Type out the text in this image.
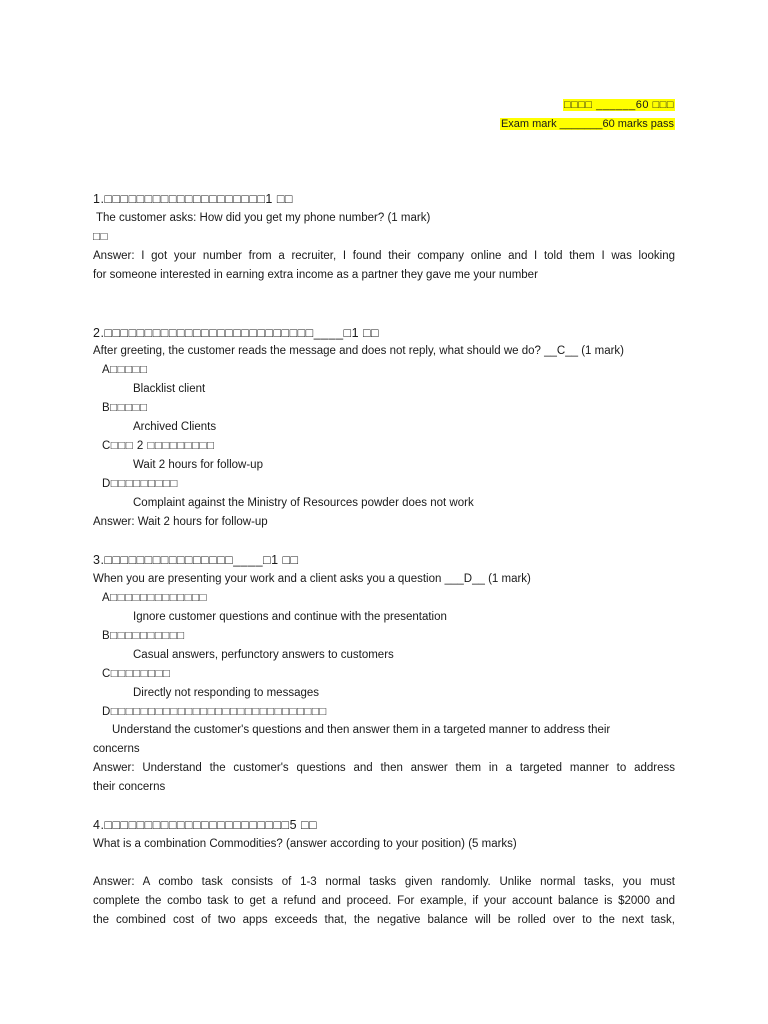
□□□□ ______60 □□□
Exam mark _______60 marks pass
1.□□□□□□□□□□□□□□□□□□□□1 □□
The customer asks: How did you get my phone number? (1 mark)
□□
Answer: I got your number from a recruiter, I found their company online and I told them I was looking
for someone interested in earning extra income as a partner they gave me your number
2.□□□□□□□□□□□□□□□□□□□□□□□□□□____□1 □□
After greeting, the customer reads the message and does not reply, what should we do? __C__ (1 mark)
A□□□□□
Blacklist client
B□□□□□
Archived Clients
C□□□ 2 □□□□□□□□□
Wait 2 hours for follow-up
D□□□□□□□□□
Complaint against the Ministry of Resources powder does not work
Answer: Wait 2 hours for follow-up
3.□□□□□□□□□□□□□□□□____□1 □□
When you are presenting your work and a client asks you a question ___D__ (1 mark)
A□□□□□□□□□□□□□
Ignore customer questions and continue with the presentation
B□□□□□□□□□□
Casual answers, perfunctory answers to customers
C□□□□□□□□
Directly not responding to messages
D□□□□□□□□□□□□□□□□□□□□□□□□□□□□□
Understand the customer's questions and then answer them in a targeted manner to address their
concerns
Answer: Understand the customer's questions and then answer them in a targeted manner to address
their concerns
4.□□□□□□□□□□□□□□□□□□□□□□□5 □□
What is a combination Commodities? (answer according to your position) (5 marks)
Answer: A combo task consists of 1-3 normal tasks given randomly. Unlike normal tasks, you must
complete the combo task to get a refund and proceed. For example, if your account balance is $2000 and
the combined cost of two apps exceeds that, the negative balance will be rolled over to the next task,
